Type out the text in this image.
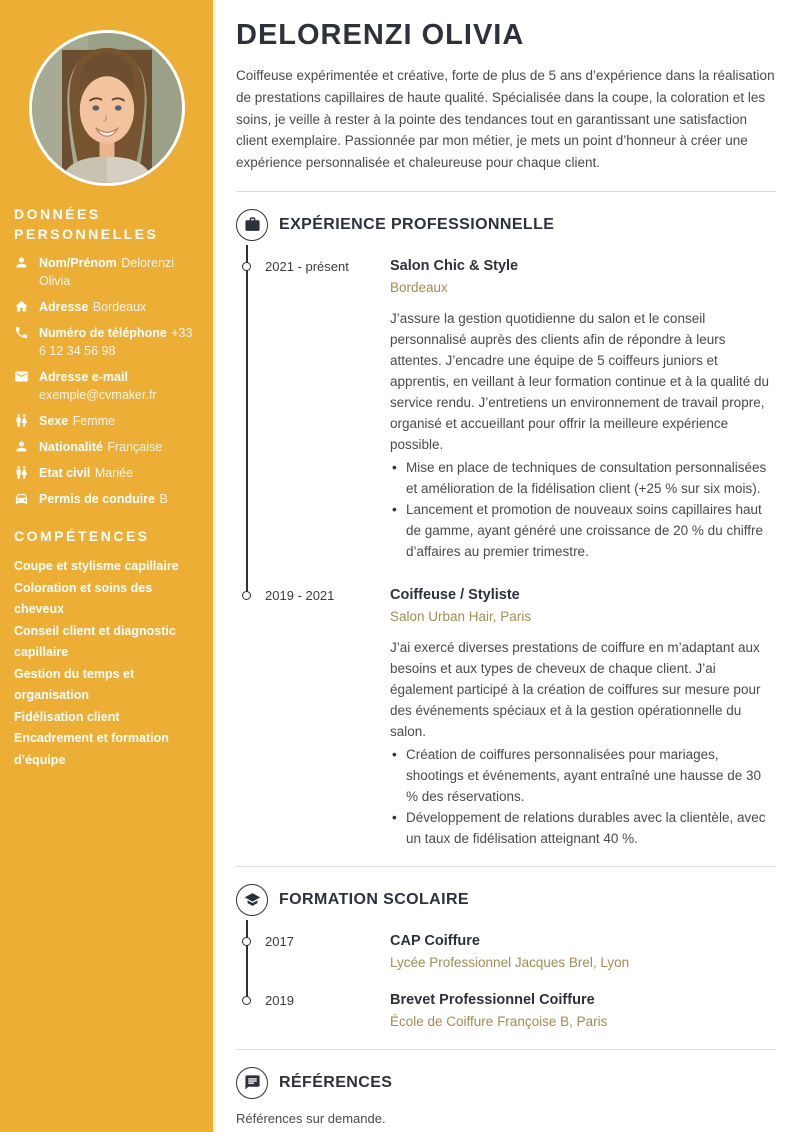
DONNÉES PERSONNELLES
Nom/Prénom Delorenzi Olivia
Adresse Bordeaux
Numéro de téléphone +33 6 12 34 56 98
Adresse e-mail exemple@cvmaker.fr
Sexe Femme
Nationalité Française
Etat civil Mariée
Permis de conduire B
COMPÉTENCES
Coupe et stylisme capillaire
Coloration et soins des cheveux
Conseil client et diagnostic capillaire
Gestion du temps et organisation
Fidélisation client
Encadrement et formation d’équipe
DELORENZI OLIVIA

Coiffeuse expérimentée et créative, forte de plus de 5 ans d’expérience dans la réalisation de prestations capillaires de haute qualité. Spécialisée dans la coupe, la coloration et les soins, je veille à rester à la pointe des tendances tout en garantissant une satisfaction client exemplaire. Passionnée par mon métier, je mets un point d’honneur à créer une expérience personnalisée et chaleureuse pour chaque client.

EXPÉRIENCE PROFESSIONNELLE
2021 - présent	Salon Chic & Style
Bordeaux

J’assure la gestion quotidienne du salon et le conseil personnalisé auprès des clients afin de répondre à leurs attentes. J’encadre une équipe de 5 coiffeurs juniors et apprentis, en veillant à leur formation continue et à la qualité du service rendu. J’entretiens un environnement de travail propre, organisé et accueillant pour offrir la meilleure expérience possible.

• Mise en place de techniques de consultation personnalisées et amélioration de la fidélisation client (+25 % sur six mois).
• Lancement et promotion de nouveaux soins capillaires haut de gamme, ayant généré une croissance de 20 % du chiffre d’affaires au premier trimestre.
2019 - 2021	Coiffeuse / Styliste
Salon Urban Hair, Paris

J’ai exercé diverses prestations de coiffure en m’adaptant aux besoins et aux types de cheveux de chaque client. J’ai également participé à la création de coiffures sur mesure pour des événements spéciaux et à la gestion opérationnelle du salon.

• Création de coiffures personnalisées pour mariages, shootings et événements, ayant entraîné une hausse de 30 % des réservations.
• Développement de relations durables avec la clientèle, avec un taux de fidélisation atteignant 40 %.
FORMATION SCOLAIRE
2017	CAP Coiffure
Lycée Professionnel Jacques Brel, Lyon
2019	Brevet Professionnel Coiffure
École de Coiffure Françoise B, Paris
RÉFÉRENCES

Références sur demande.
